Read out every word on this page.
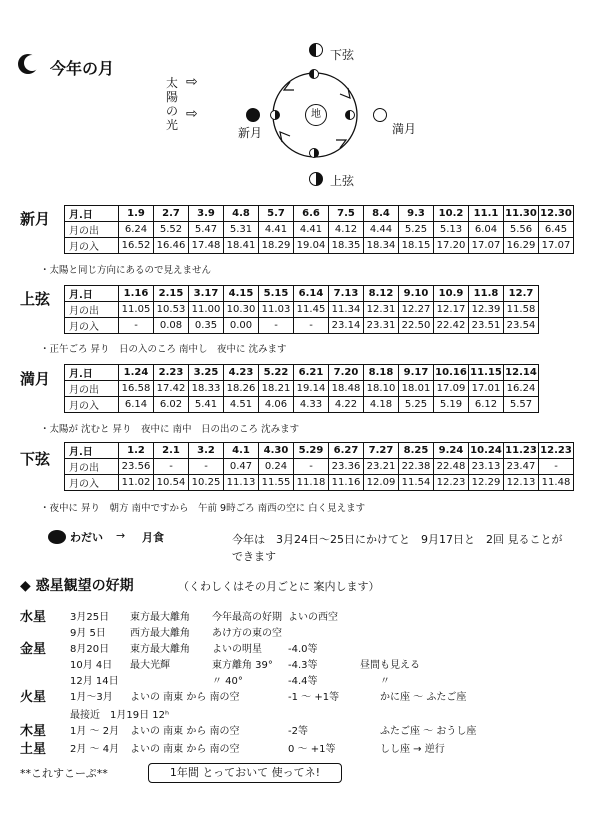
今年の月
太陽の光
⇨
⇨
下弦
新月
地
満月
上弦
新月 月.日	1.9	2.7	3.9	4.8	5.7	6.6	7.5	8.4	9.3	10.2	11.1	11.30	12.30
月の出	6.24	5.52	5.47	5.31	4.41	4.41	4.12	4.44	5.25	5.13	6.04	5.56	6.45
月の入	16.52	16.46	17.48	18.41	18.29	19.04	18.35	18.34	18.15	17.20	17.07	16.29	17.07
・太陽と同じ方向にあるので見えません
上弦 月.日	1.16	2.15	3.17	4.15	5.15	6.14	7.13	8.12	9.10	10.9	11.8	12.7
月の出	11.05	10.53	11.00	10.30	11.03	11.45	11.34	12.31	12.27	12.17	12.39	11.58
月の入	-	0.08	0.35	0.00	-	-	23.14	23.31	22.50	22.42	23.51	23.54
・正午ごろ 昇り　日の入のころ 南中し　夜中に 沈みます
満月 月.日	1.24	2.23	3.25	4.23	5.22	6.21	7.20	8.18	9.17	10.16	11.15	12.14
月の出	16.58	17.42	18.33	18.26	18.21	19.14	18.48	18.10	18.01	17.09	17.01	16.24
月の入	6.14	6.02	5.41	4.51	4.06	4.33	4.22	4.18	5.25	5.19	6.12	5.57
・太陽が 沈むと 昇り　夜中に 南中　日の出のころ 沈みます
下弦 月.日	1.2	2.1	3.2	4.1	4.30	5.29	6.27	7.27	8.25	9.24	10.24	11.23	12.23
月の出	23.56	-	-	0.47	0.24	-	23.36	23.21	22.38	22.48	23.13	23.47	-
月の入	11.02	10.54	10.25	11.13	11.55	11.18	11.16	12.09	11.54	12.23	12.29	12.13	11.48
・夜中に 昇り　朝方 南中ですから　午前 9時ごろ 南西の空に 白く見えます
わだい → 月食	今年は　3月24日〜25日にかけてと　9月17日と　2回 見ることが
できます
◆ 惑星観望の好期	（くわしくはその月ごとに 案内します）
水星 3月25日 東方最大離角 今年最高の好期 よいの西空
9月 5日 西方最大離角 あけ方の東の空
金星 8月20日 東方最大離角 よいの明星	-4.0等
10月 4日 最大光輝	東方離角 39° -4.3等	昼間も見える
12月 14日	〃 40°	-4.4等	〃
火星 1月〜3月 よいの 南東 から 南の空	-1 〜 +1等	かに座 〜 ふたご座
最接近　1月19日 12ʰ
木星 1月 〜 2月 よいの 南東 から 南の空	-2等	ふたご座 〜 おうし座
土星 2月 〜 4月 よいの 南東 から 南の空	0 〜 +1等	しし座 → 逆行
**これすこーぷ**	1年間 とっておいて 使ってネ!
